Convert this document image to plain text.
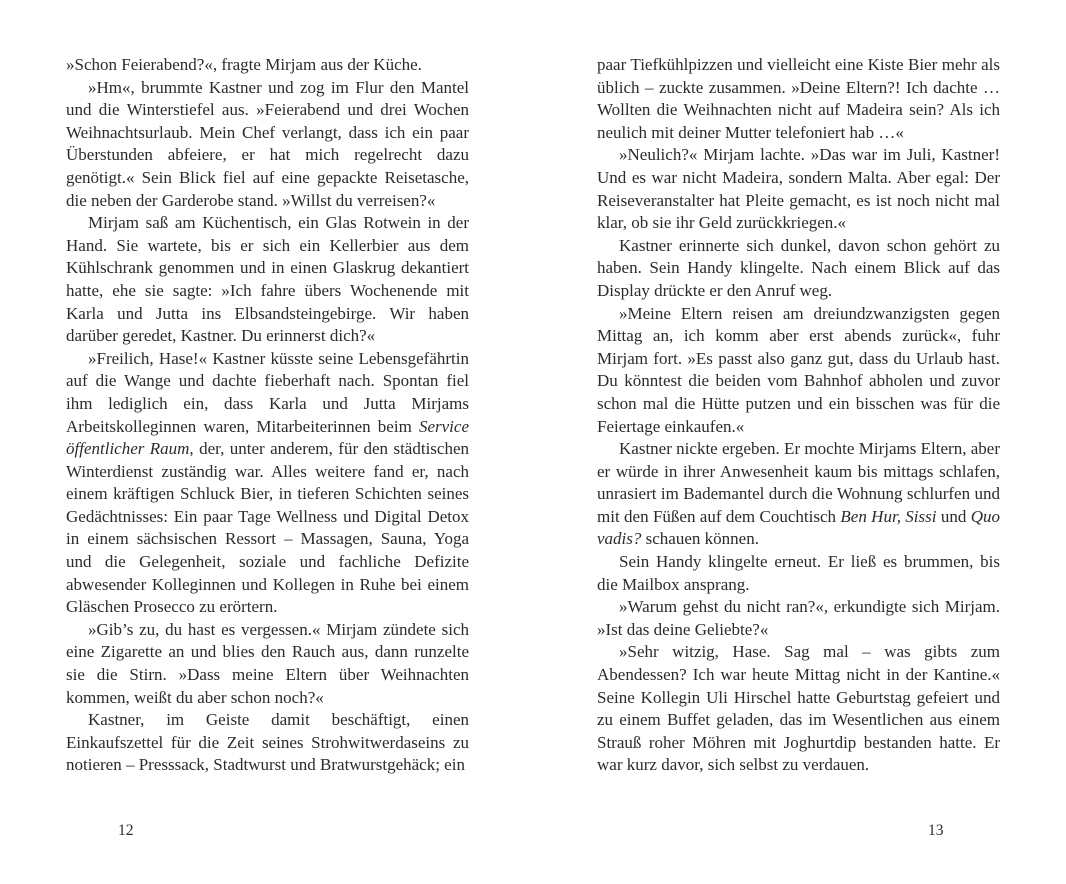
»Schon Feierabend?«, fragte Mirjam aus der Küche.

»Hm«, brummte Kastner und zog im Flur den Mantel und die Winterstiefel aus. »Feierabend und drei Wochen Weihnachtsurlaub. Mein Chef verlangt, dass ich ein paar Überstunden abfeiere, er hat mich regelrecht dazu genötigt.« Sein Blick fiel auf eine gepackte Reisetasche, die neben der Garderobe stand. »Willst du verreisen?«

Mirjam saß am Küchentisch, ein Glas Rotwein in der Hand. Sie wartete, bis er sich ein Kellerbier aus dem Kühlschrank genommen und in einen Glaskrug dekantiert hatte, ehe sie sagte: »Ich fahre übers Wochenende mit Karla und Jutta ins Elbsandsteingebirge. Wir haben darüber geredet, Kastner. Du erinnerst dich?«

»Freilich, Hase!« Kastner küsste seine Lebensgefährtin auf die Wange und dachte fieberhaft nach. Spontan fiel ihm lediglich ein, dass Karla und Jutta Mirjams Arbeitskolleginnen waren, Mitarbeiterinnen beim Service öffentlicher Raum, der, unter anderem, für den städtischen Winterdienst zuständig war. Alles weitere fand er, nach einem kräftigen Schluck Bier, in tieferen Schichten seines Gedächtnisses: Ein paar Tage Wellness und Digital Detox in einem sächsischen Ressort – Massagen, Sauna, Yoga und die Gelegenheit, soziale und fachliche Defizite abwesender Kolleginnen und Kollegen in Ruhe bei einem Gläschen Prosecco zu erörtern.

»Gib’s zu, du hast es vergessen.« Mirjam zündete sich eine Zigarette an und blies den Rauch aus, dann runzelte sie die Stirn. »Dass meine Eltern über Weihnachten kommen, weißt du aber schon noch?«

Kastner, im Geiste damit beschäftigt, einen Einkaufszettel für die Zeit seines Strohwitwerdaseins zu notieren – Presssack, Stadtwurst und Bratwurstgehäck; ein

paar Tiefkühlpizzen und vielleicht eine Kiste Bier mehr als üblich – zuckte zusammen. »Deine Eltern?! Ich dachte … Wollten die Weihnachten nicht auf Madeira sein? Als ich neulich mit deiner Mutter telefoniert hab …«

»Neulich?« Mirjam lachte. »Das war im Juli, Kastner! Und es war nicht Madeira, sondern Malta. Aber egal: Der Reiseveranstalter hat Pleite gemacht, es ist noch nicht mal klar, ob sie ihr Geld zurückkriegen.«

Kastner erinnerte sich dunkel, davon schon gehört zu haben. Sein Handy klingelte. Nach einem Blick auf das Display drückte er den Anruf weg.

»Meine Eltern reisen am dreiundzwanzigsten gegen Mittag an, ich komm aber erst abends zurück«, fuhr Mirjam fort. »Es passt also ganz gut, dass du Urlaub hast. Du könntest die beiden vom Bahnhof abholen und zuvor schon mal die Hütte putzen und ein bisschen was für die Feiertage einkaufen.«

Kastner nickte ergeben. Er mochte Mirjams Eltern, aber er würde in ihrer Anwesenheit kaum bis mittags schlafen, unrasiert im Bademantel durch die Wohnung schlurfen und mit den Füßen auf dem Couchtisch Ben Hur, Sissi und Quo vadis? schauen können.

Sein Handy klingelte erneut. Er ließ es brummen, bis die Mailbox ansprang.

»Warum gehst du nicht ran?«, erkundigte sich Mirjam. »Ist das deine Geliebte?«

»Sehr witzig, Hase. Sag mal – was gibts zum Abendessen? Ich war heute Mittag nicht in der Kantine.« Seine Kollegin Uli Hirschel hatte Geburtstag gefeiert und zu einem Buffet geladen, das im Wesentlichen aus einem Strauß roher Möhren mit Joghurtdip bestanden hatte. Er war kurz davor, sich selbst zu verdauen.

12	13
